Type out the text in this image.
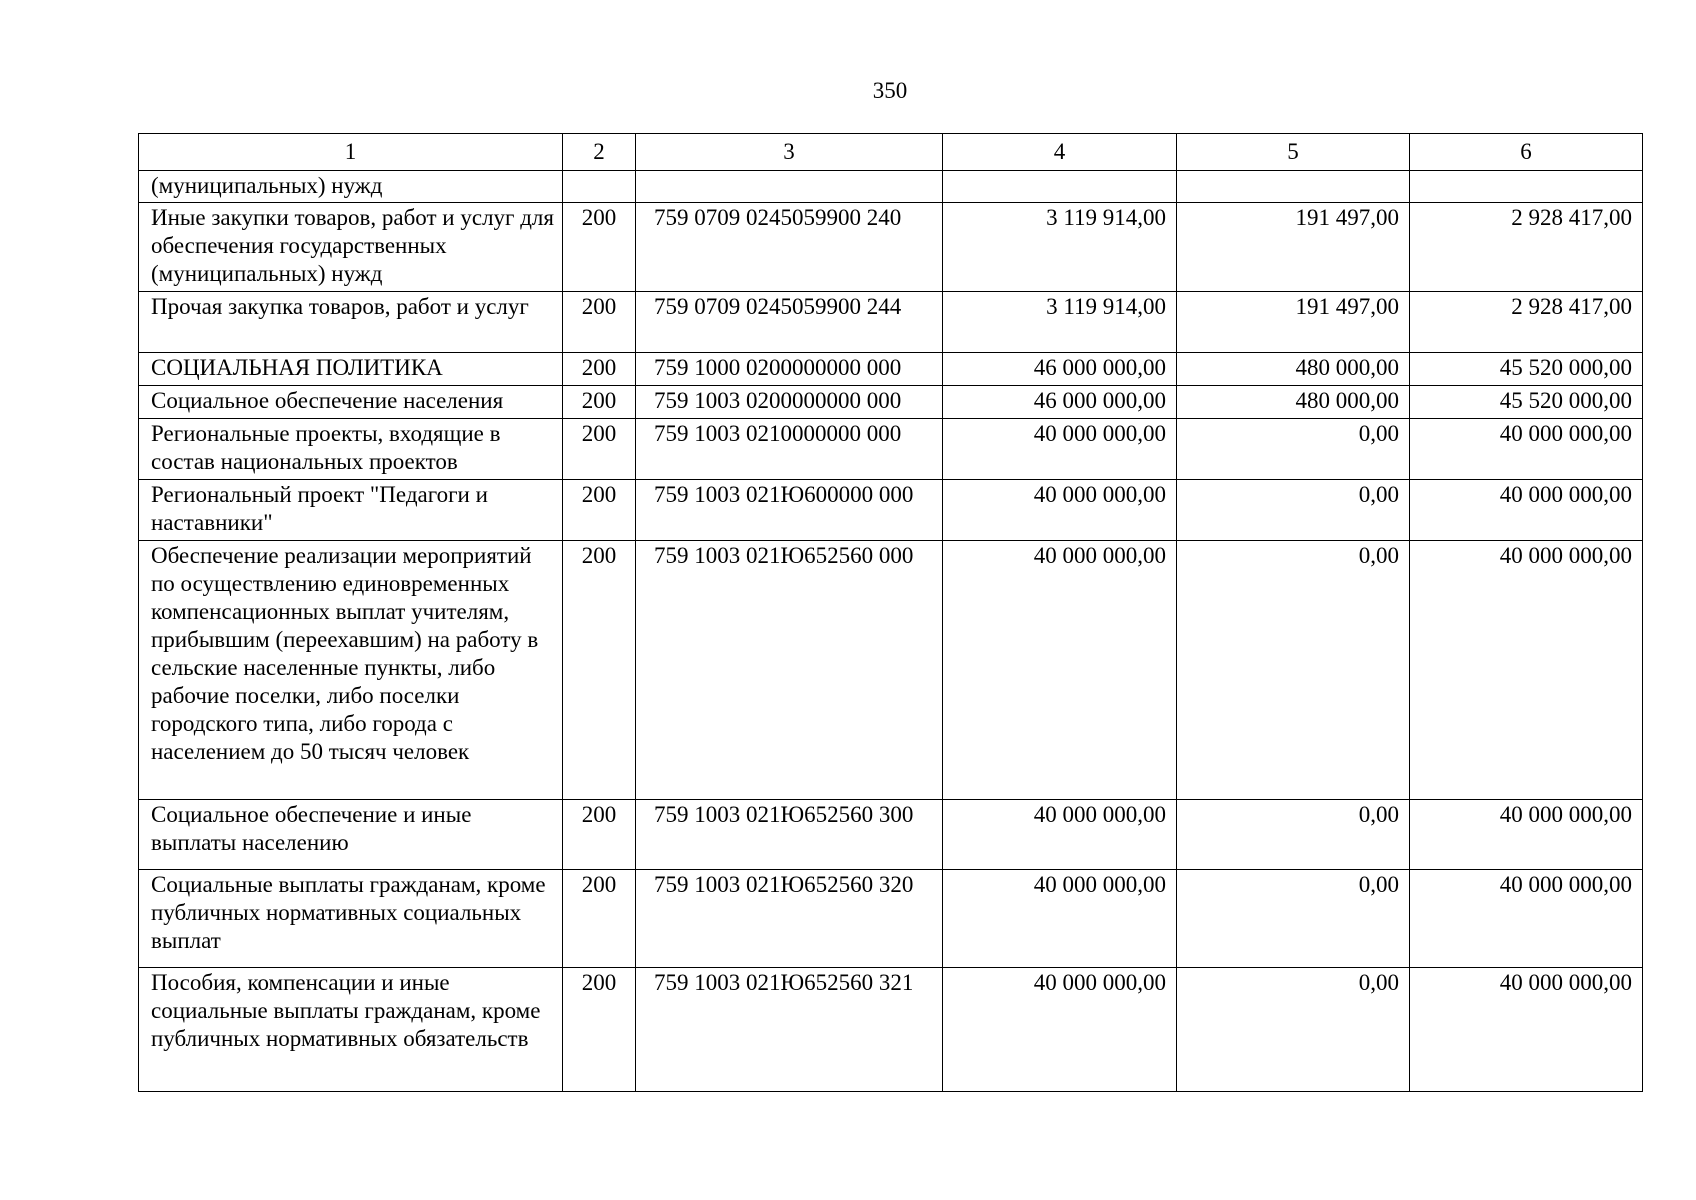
350
1	2	3	4	5	6
(муниципальных) нужд					
Иные закупки товаров, работ и услуг для обеспечения государственных (муниципальных) нужд	200	759 0709 0245059900 240	3 119 914,00	191 497,00	2 928 417,00
Прочая закупка товаров, работ и услуг	200	759 0709 0245059900 244	3 119 914,00	191 497,00	2 928 417,00
СОЦИАЛЬНАЯ ПОЛИТИКА	200	759 1000 0200000000 000	46 000 000,00	480 000,00	45 520 000,00
Социальное обеспечение населения	200	759 1003 0200000000 000	46 000 000,00	480 000,00	45 520 000,00
Региональные проекты, входящие в состав национальных проектов	200	759 1003 0210000000 000	40 000 000,00	0,00	40 000 000,00
Региональный проект "Педагоги и наставники"	200	759 1003 021Ю600000 000	40 000 000,00	0,00	40 000 000,00
Обеспечение реализации мероприятий по осуществлению единовременных компенсационных выплат учителям, прибывшим (переехавшим) на работу в сельские населенные пункты, либо рабочие поселки, либо поселки городского типа, либо города с населением до 50 тысяч человек	200	759 1003 021Ю652560 000	40 000 000,00	0,00	40 000 000,00
Социальное обеспечение и иные выплаты населению	200	759 1003 021Ю652560 300	40 000 000,00	0,00	40 000 000,00
Социальные выплаты гражданам, кроме публичных нормативных социальных выплат	200	759 1003 021Ю652560 320	40 000 000,00	0,00	40 000 000,00
Пособия, компенсации и иные социальные выплаты гражданам, кроме публичных нормативных обязательств	200	759 1003 021Ю652560 321	40 000 000,00	0,00	40 000 000,00
